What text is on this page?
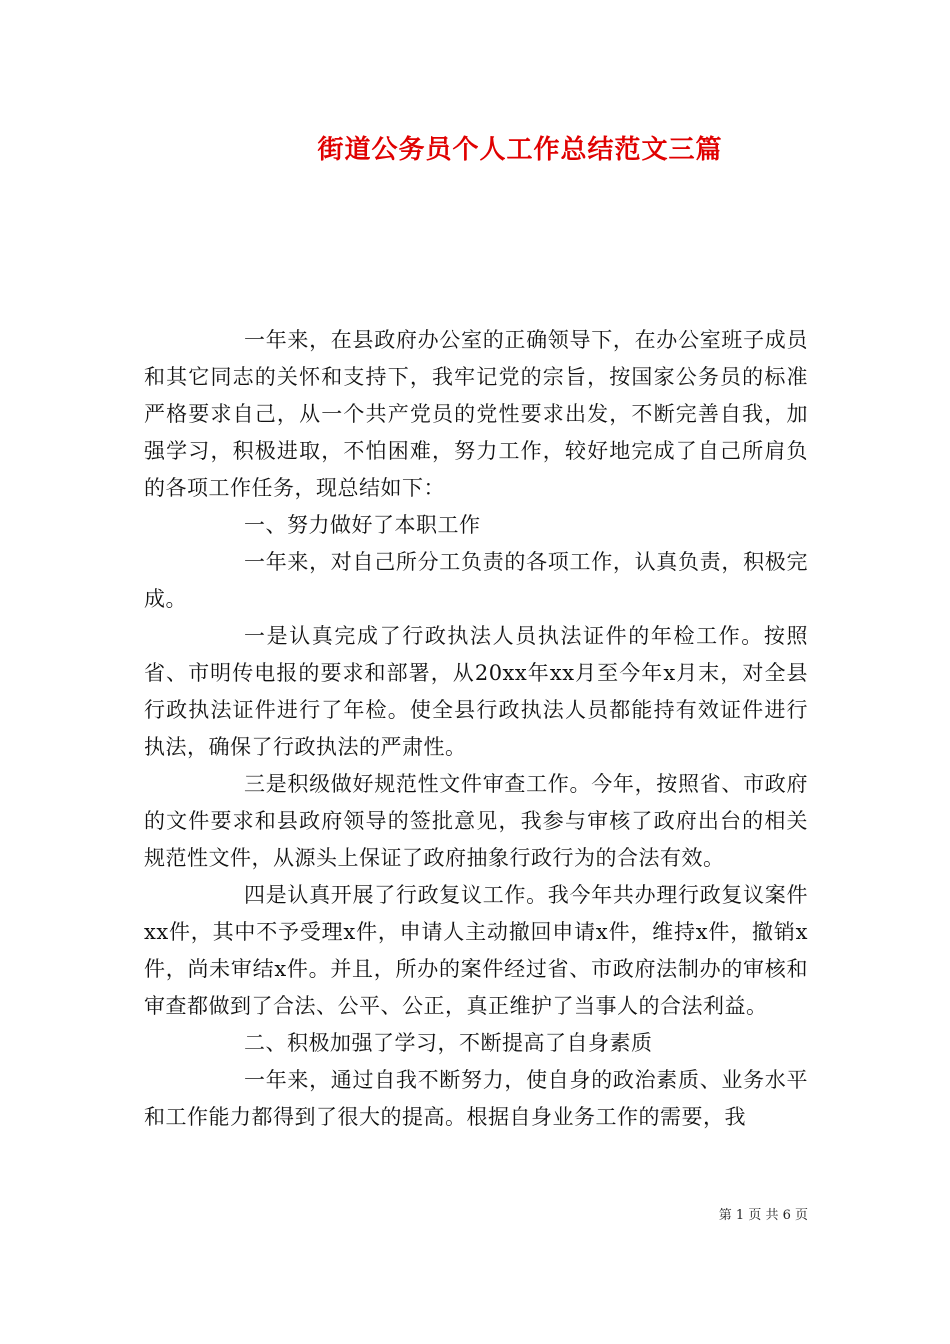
街道公务员个人工作总结范文三篇

一年来，在县政府办公室的正确领导下，在办公室班子成员和其它同志的关怀和支持下，我牢记党的宗旨，按国家公务员的标准严格要求自己，从一个共产党员的党性要求出发，不断完善自我，加强学习，积极进取，不怕困难，努力工作，较好地完成了自己所肩负的各项工作任务，现总结如下：

一、努力做好了本职工作

一年来，对自己所分工负责的各项工作，认真负责，积极完成。

一是认真完成了行政执法人员执法证件的年检工作。按照省、市明传电报的要求和部署，从20xx年xx月至今年x月末，对全县行政执法证件进行了年检。使全县行政执法人员都能持有效证件进行执法，确保了行政执法的严肃性。

三是积级做好规范性文件审查工作。今年，按照省、市政府的文件要求和县政府领导的签批意见，我参与审核了政府出台的相关规范性文件，从源头上保证了政府抽象行政行为的合法有效。

四是认真开展了行政复议工作。我今年共办理行政复议案件xx件，其中不予受理x件，申请人主动撤回申请x件，维持x件，撤销x件，尚未审结x件。并且，所办的案件经过省、市政府法制办的审核和审查都做到了合法、公平、公正，真正维护了当事人的合法利益。

二、积极加强了学习，不断提高了自身素质

一年来，通过自我不断努力，使自身的政治素质、业务水平和工作能力都得到了很大的提高。根据自身业务工作的需要，我

第 1 页 共 6 页
